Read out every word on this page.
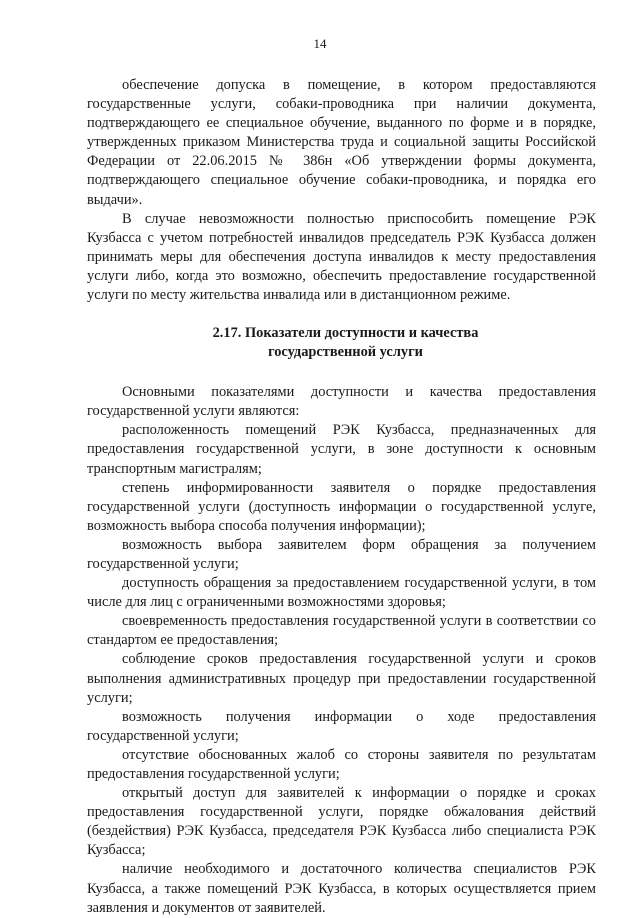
14

обеспечение допуска в помещение, в котором предоставляются государственные услуги, собаки-проводника при наличии документа, подтверждающего ее специальное обучение, выданного по форме и в порядке, утвержденных приказом Министерства труда и социальной защиты Российской Федерации от 22.06.2015 № 386н «Об утверждении формы документа, подтверждающего специальное обучение собаки-проводника, и порядка его выдачи».

В случае невозможности полностью приспособить помещение РЭК Кузбасса с учетом потребностей инвалидов председатель РЭК Кузбасса должен принимать меры для обеспечения доступа инвалидов к месту предоставления услуги либо, когда это возможно, обеспечить предоставление государственной услуги по месту жительства инвалида или в дистанционном режиме.

2.17. Показатели доступности и качества
государственной услуги

Основными показателями доступности и качества предоставления государственной услуги являются:

расположенность помещений РЭК Кузбасса, предназначенных для предоставления государственной услуги, в зоне доступности к основным транспортным магистралям;

степень информированности заявителя о порядке предоставления государственной услуги (доступность информации о государственной услуге, возможность выбора способа получения информации);

возможность выбора заявителем форм обращения за получением государственной услуги;

доступность обращения за предоставлением государственной услуги, в том числе для лиц с ограниченными возможностями здоровья;

своевременность предоставления государственной услуги в соответствии со стандартом ее предоставления;

соблюдение сроков предоставления государственной услуги и сроков выполнения административных процедур при предоставлении государственной услуги;

возможность получения информации о ходе предоставления государственной услуги;

отсутствие обоснованных жалоб со стороны заявителя по результатам предоставления государственной услуги;

открытый доступ для заявителей к информации о порядке и сроках предоставления государственной услуги, порядке обжалования действий (бездействия) РЭК Кузбасса, председателя РЭК Кузбасса либо специалиста РЭК Кузбасса;

наличие необходимого и достаточного количества специалистов РЭК Кузбасса, а также помещений РЭК Кузбасса, в которых осуществляется прием заявления и документов от заявителей.
